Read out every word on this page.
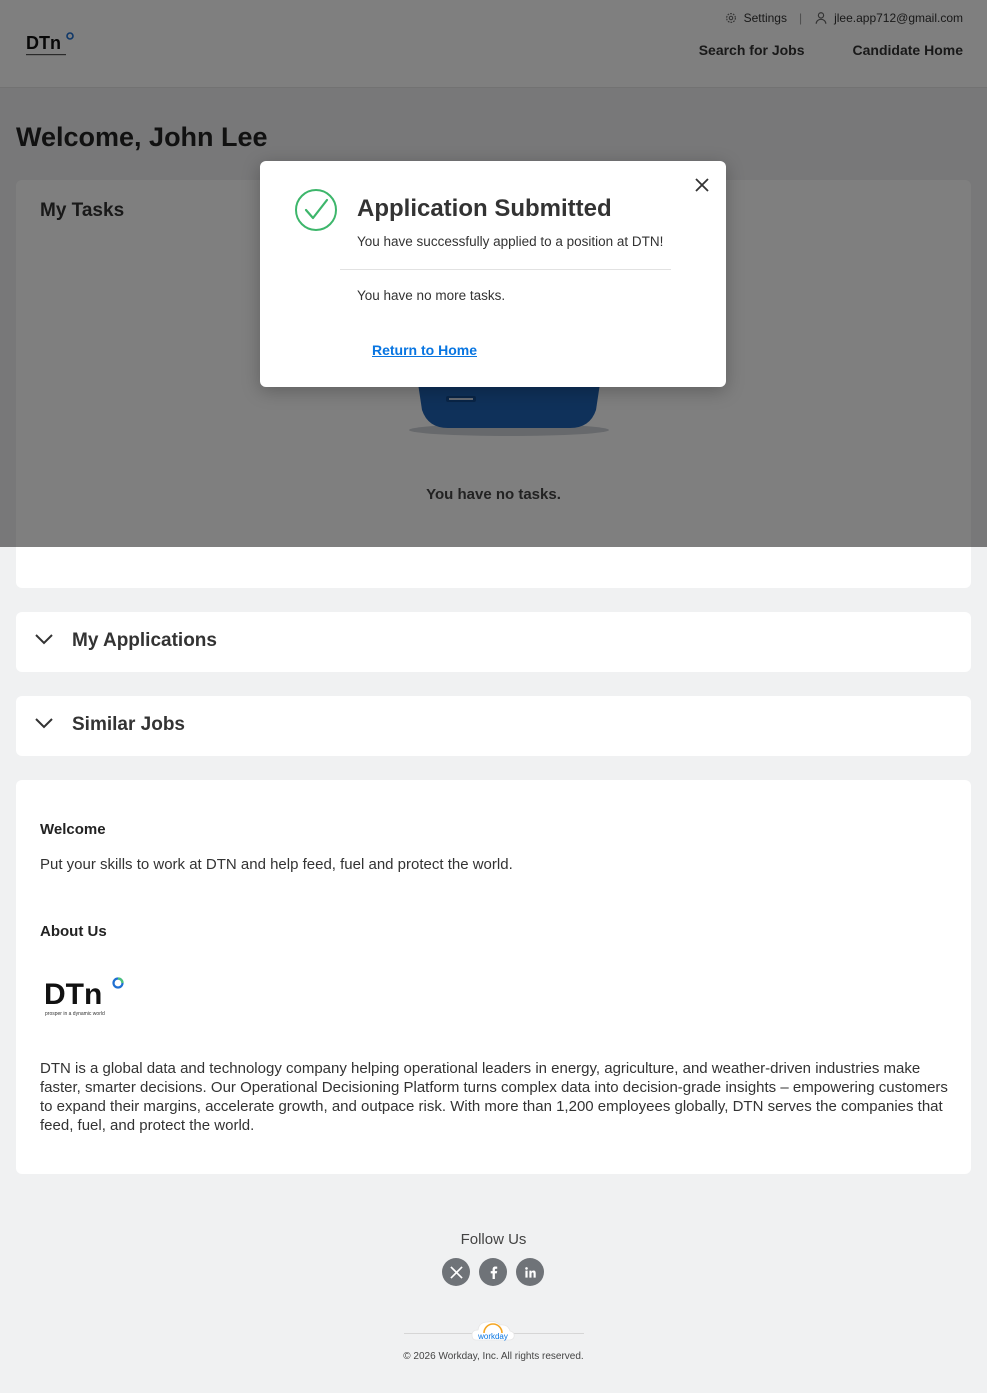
My Applications
Similar Jobs
Welcome
Put your skills to work at DTN and help feed, fuel and protect the world.
About Us
DTn
prosper in a dynamic world
DTN is a global data and technology company helping operational leaders in energy, agriculture, and weather-driven industries make faster, smarter decisions. Our Operational Decisioning Platform turns complex data into decision-grade insights – empowering customers to expand their margins, accelerate growth, and outpace risk. With more than 1,200 employees globally, DTN serves the companies that feed, fuel, and protect the world.
Follow Us
workday
© 2026 Workday, Inc. All rights reserved.
Application Submitted
You have successfully applied to a position at DTN!
You have no more tasks.
Return to Home
